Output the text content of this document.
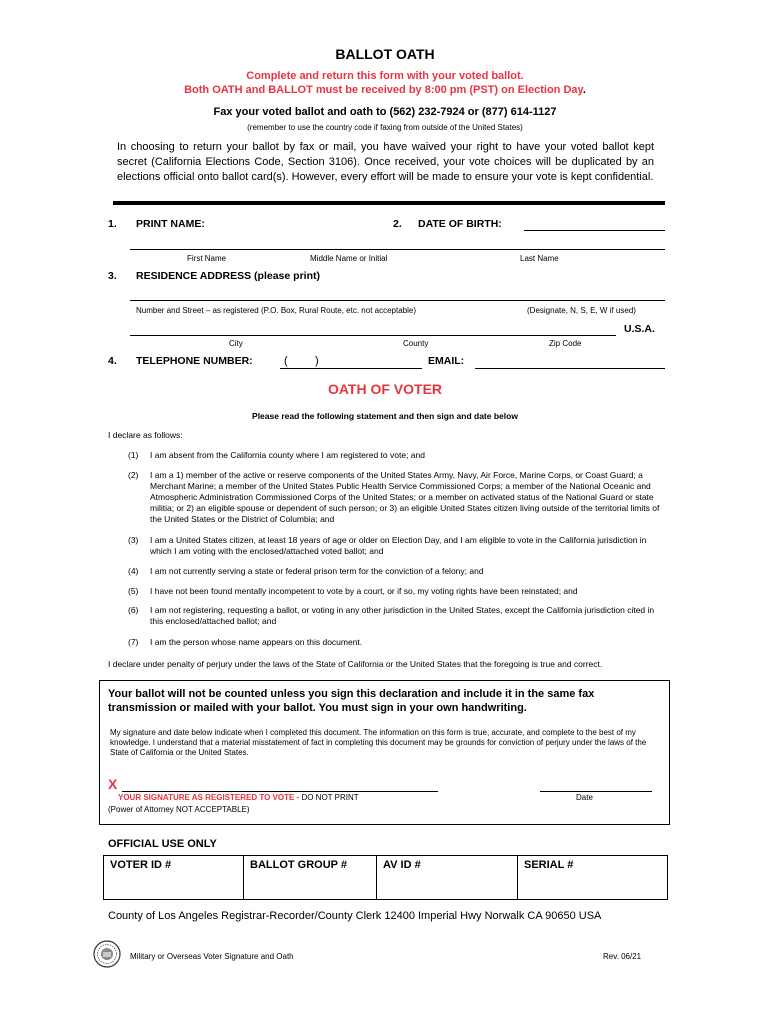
BALLOT OATH
Complete and return this form with your voted ballot.
Both OATH and BALLOT must be received by 8:00 pm (PST) on Election Day.
Fax your voted ballot and oath to (562) 232-7924 or (877) 614-1127
(remember to use the country code if faxing from outside of the United States)
In choosing to return your ballot by fax or mail, you have waived your right to have your voted ballot kept secret (California Elections Code, Section 3106). Once received, your vote choices will be duplicated by an elections official onto ballot card(s). However, every effort will be made to ensure your vote is kept confidential.
1. PRINT NAME:	2. DATE OF BIRTH:
First Name	Middle Name or Initial	Last Name
3. RESIDENCE ADDRESS (please print)
Number and Street – as registered (P.O. Box, Rural Route, etc. not acceptable)	(Designate, N, S, E, W if used)
U.S.A.
City	County	Zip Code
4. TELEPHONE NUMBER:	( )	EMAIL:
OATH OF VOTER
Please read the following statement and then sign and date below
I declare as follows:
(1)	I am absent from the California county where I am registered to vote; and
(2)	I am a 1) member of the active or reserve components of the United States Army, Navy, Air Force, Marine Corps, or Coast Guard; a Merchant Marine; a member of the United States Public Health Service Commissioned Corps; a member of the National Oceanic and Atmospheric Administration Commissioned Corps of the United States; or a member on activated status of the National Guard or state militia; or 2) an eligible spouse or dependent of such person; or 3) an eligible United States citizen living outside of the territorial limits of the United States or the District of Columbia; and
(3)	I am a United States citizen, at least 18 years of age or older on Election Day, and I am eligible to vote in the California jurisdiction in which I am voting with the enclosed/attached voted ballot; and
(4)	I am not currently serving a state or federal prison term for the conviction of a felony; and
(5)	I have not been found mentally incompetent to vote by a court, or if so, my voting rights have been reinstated; and
(6)	I am not registering, requesting a ballot, or voting in any other jurisdiction in the United States, except the California jurisdiction cited in this enclosed/attached ballot; and
(7)	I am the person whose name appears on this document.
I declare under penalty of perjury under the laws of the State of California or the United States that the foregoing is true and correct.
Your ballot will not be counted unless you sign this declaration and include it in the same fax transmission or mailed with your ballot. You must sign in your own handwriting.
My signature and date below indicate when I completed this document. The information on this form is true, accurate, and complete to the best of my knowledge. I understand that a material misstatement of fact in completing this document may be grounds for conviction of perjury under the laws of the State of California or the United States.
X
YOUR SIGNATURE AS REGISTERED TO VOTE - DO NOT PRINT
(Power of Attorney NOT ACCEPTABLE)
Date
OFFICIAL USE ONLY
VOTER ID #	BALLOT GROUP #	AV ID #	SERIAL #
County of Los Angeles Registrar-Recorder/County Clerk 12400 Imperial Hwy Norwalk CA 90650 USA
Military or Overseas Voter Signature and Oath	Rev. 06/21
